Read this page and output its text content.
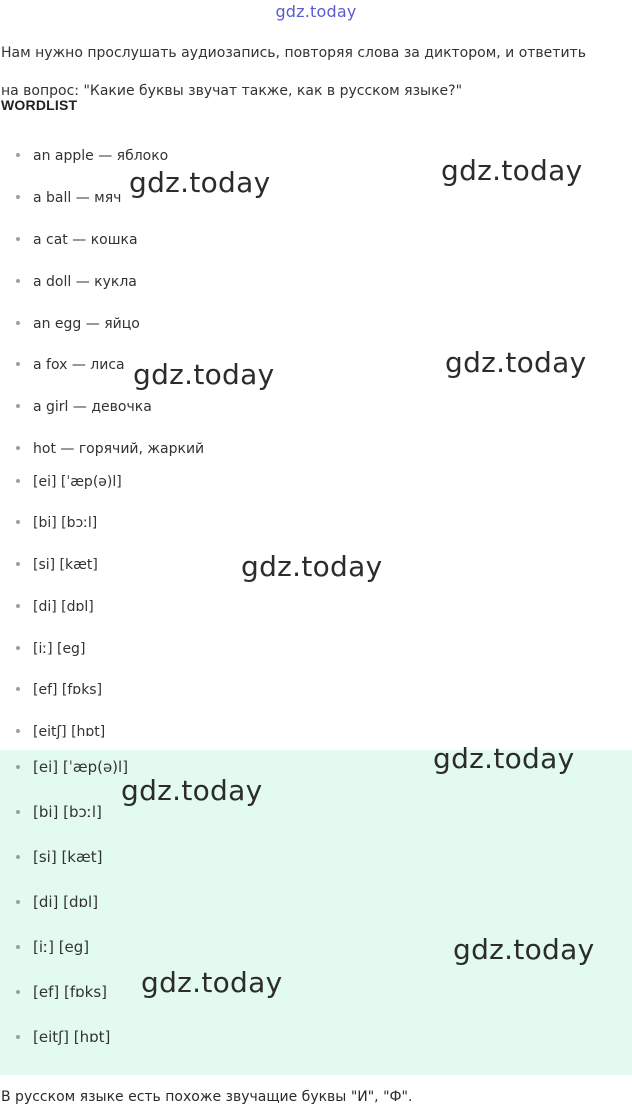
gdz.today
Нам нужно прослушать аудиозапись, повторяя слова за диктором, и ответить
на вопрос: "Какие буквы звучат также, как в русском языке?"
WORDLIST
an apple — яблоко
a ball — мяч
a cat — кошка
a doll — кукла
an egg — яйцо
a fox — лиса
a girl — девочка
hot — горячий, жаркий
[ei] [ˈæp(ə)l]
[bi] [bɔːl]
[si] [kæt]
[di] [dɒl]
[iː] [eg]
[ef] [fɒks]
[eitʃ] [hɒt]
[ei] [ˈæp(ə)l]
[bi] [bɔːl]
[si] [kæt]
[di] [dɒl]
[iː] [eg]
[ef] [fɒks]
[eitʃ] [hɒt]
В русском языке есть похоже звучащие буквы "И", "Ф".
gdz.today	gdz.today
gdz.today	gdz.today
gdz.today
gdz.today
gdz.today
gdz.today
gdz.today
